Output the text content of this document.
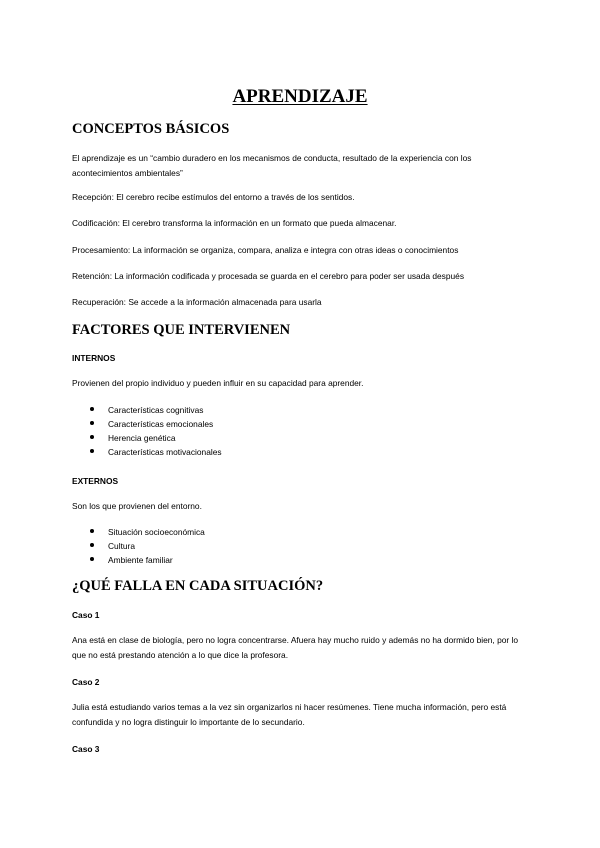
APRENDIZAJE
CONCEPTOS BÁSICOS
El aprendizaje es un “cambio duradero en los mecanismos de conducta, resultado de la experiencia con los acontecimientos ambientales”
Recepción: El cerebro recibe estímulos del entorno a través de los sentidos.
Codificación: El cerebro transforma la información en un formato que pueda almacenar.
Procesamiento: La información se organiza, compara, analiza e integra con otras ideas o conocimientos
Retención: La información codificada y procesada se guarda en el cerebro para poder ser usada después
Recuperación: Se accede a la información almacenada para usarla
FACTORES QUE INTERVIENEN
INTERNOS
Provienen del propio individuo y pueden influir en su capacidad para aprender.
Características cognitivas
Características emocionales
Herencia genética
Características motivacionales
EXTERNOS
Son los que provienen del entorno.
Situación socioeconómica
Cultura
Ambiente familiar
¿QUÉ FALLA EN CADA SITUACIÓN?
Caso 1
Ana está en clase de biología, pero no logra concentrarse. Afuera hay mucho ruido y además no ha dormido bien, por lo que no está prestando atención a lo que dice la profesora.
Caso 2
Julia está estudiando varios temas a la vez sin organizarlos ni hacer resúmenes. Tiene mucha información, pero está confundida y no logra distinguir lo importante de lo secundario.
Caso 3
